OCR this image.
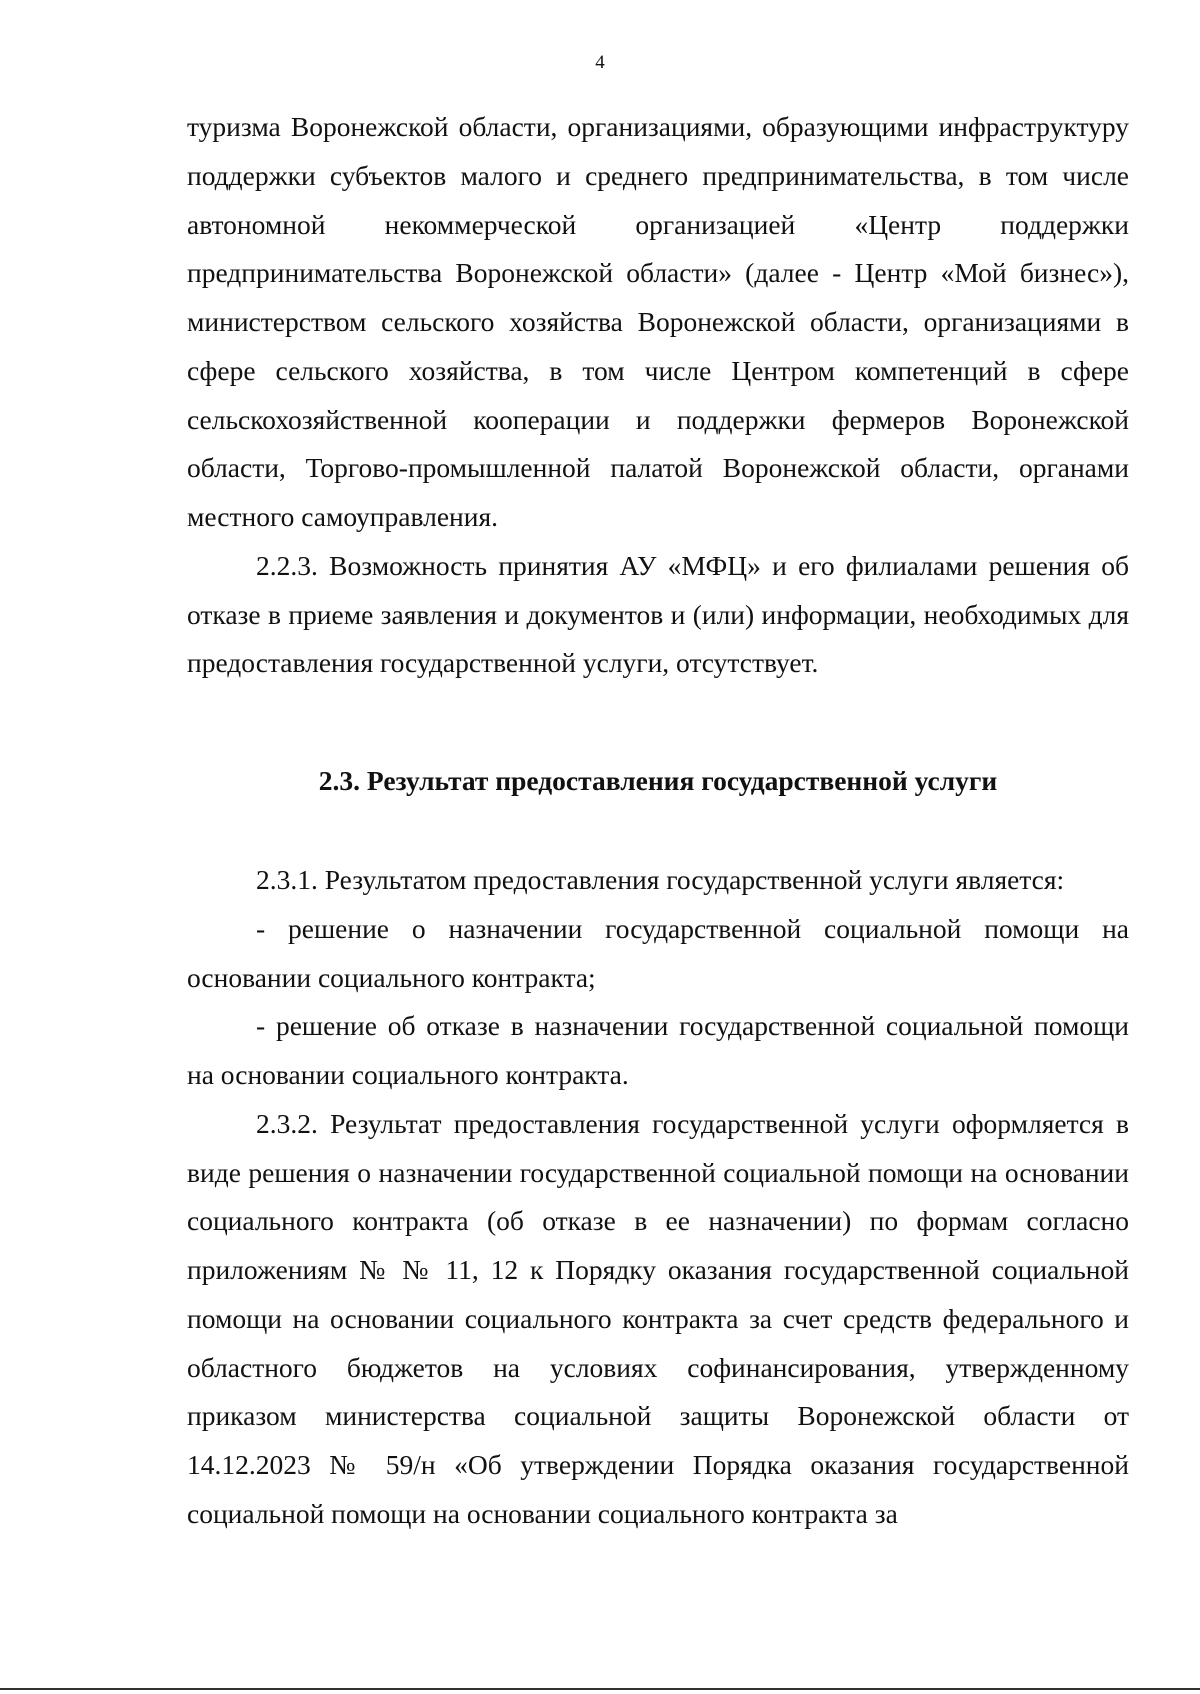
4

туризма Воронежской области, организациями, образующими инфраструктуру поддержки субъектов малого и среднего предпринимательства, в том числе автономной некоммерческой организацией «Центр поддержки предпринимательства Воронежской области» (далее - Центр «Мой бизнес»), министерством сельского хозяйства Воронежской области, организациями в сфере сельского хозяйства, в том числе Центром компетенций в сфере сельскохозяйственной кооперации и поддержки фермеров Воронежской области, Торгово-промышленной палатой Воронежской области, органами местного самоуправления.

2.2.3. Возможность принятия АУ «МФЦ» и его филиалами решения об отказе в приеме заявления и документов и (или) информации, необходимых для предоставления государственной услуги, отсутствует.

2.3. Результат предоставления государственной услуги

2.3.1. Результатом предоставления государственной услуги является:

- решение о назначении государственной социальной помощи на основании социального контракта;

- решение об отказе в назначении государственной социальной помощи на основании социального контракта.

2.3.2. Результат предоставления государственной услуги оформляется в виде решения о назначении государственной социальной помощи на основании социального контракта (об отказе в ее назначении) по формам согласно приложениям № № 11, 12 к Порядку оказания государственной социальной помощи на основании социального контракта за счет средств федерального и областного бюджетов на условиях софинансирования, утвержденному приказом министерства социальной защиты Воронежской области от 14.12.2023 № 59/н «Об утверждении Порядка оказания государственной социальной помощи на основании социального контракта за
